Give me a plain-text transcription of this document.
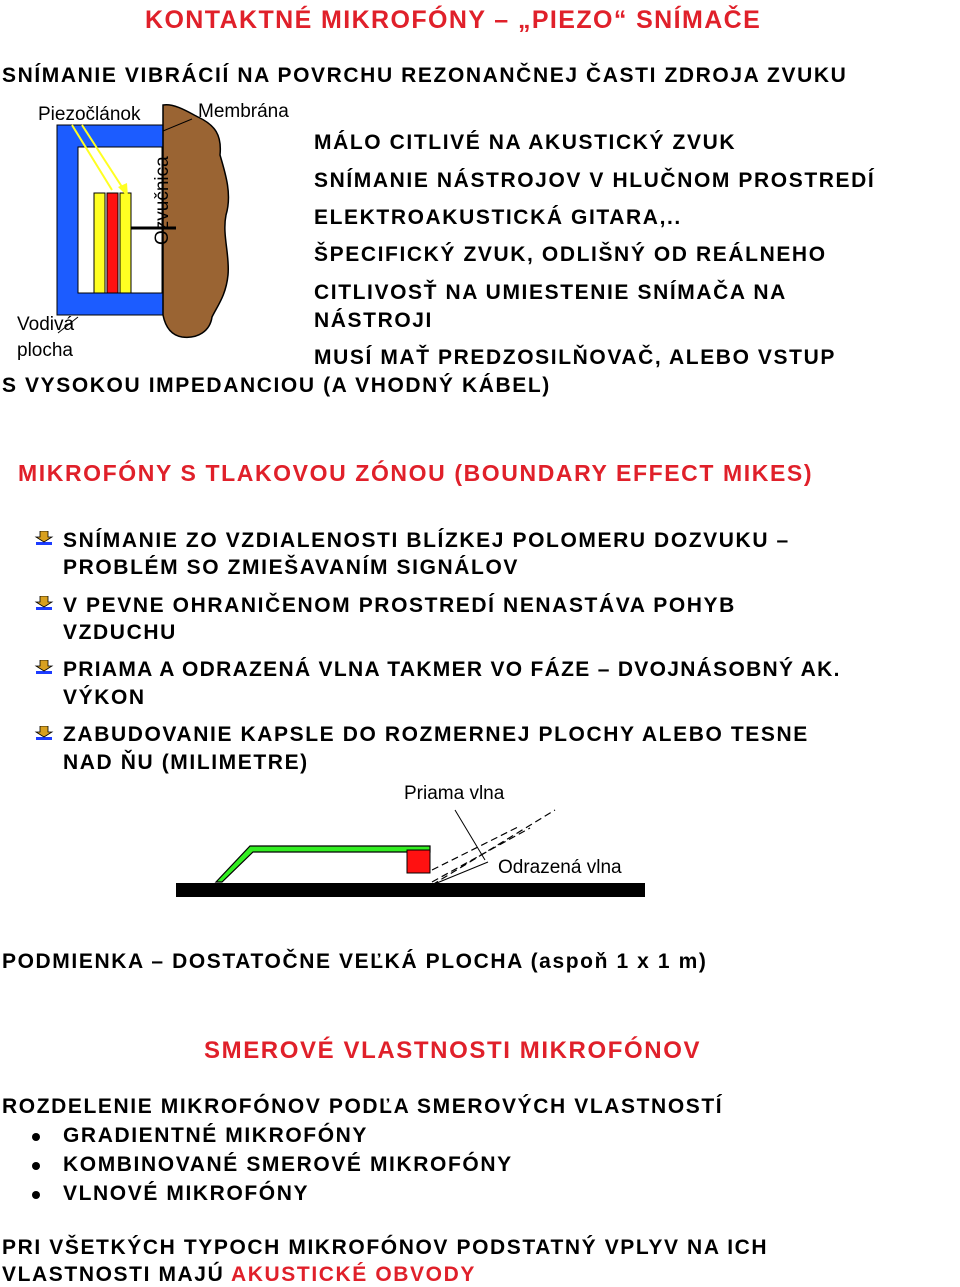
KONTAKTNÉ MIKROFÓNY – „PIEZO“ SNÍMAČE
SNÍMANIE VIBRÁCIÍ NA POVRCHU REZONANČNEJ ČASTI ZDROJA ZVUKU
Piezočlánok	Membrána
Ozvučnica
Vodivá
plocha
MÁLO CITLIVÉ NA AKUSTICKÝ ZVUK
SNÍMANIE NÁSTROJOV V HLUČNOM PROSTREDÍ
ELEKTROAKUSTICKÁ GITARA,..
ŠPECIFICKÝ ZVUK, ODLIŠNÝ OD REÁLNEHO
CITLIVOSŤ NA UMIESTENIE SNÍMAČA NA
NÁSTROJI
MUSÍ MAŤ PREDZOSILŇOVAČ, ALEBO VSTUP
S VYSOKOU IMPEDANCIOU (A VHODNÝ KÁBEL)
MIKROFÓNY S TLAKOVOU ZÓNOU (BOUNDARY EFFECT MIKES)
SNÍMANIE ZO VZDIALENOSTI BLÍZKEJ POLOMERU DOZVUKU –
PROBLÉM SO ZMIEŠAVANÍM SIGNÁLOV
V PEVNE OHRANIČENOM PROSTREDÍ NENASTÁVA POHYB
VZDUCHU
PRIAMA A ODRAZENÁ VLNA TAKMER VO FÁZE – DVOJNÁSOBNÝ AK.
VÝKON
ZABUDOVANIE KAPSLE DO ROZMERNEJ PLOCHY ALEBO TESNE
NAD ŇU (MILIMETRE)
Priama vlna
Odrazená vlna
PODMIENKA – DOSTATOČNE VEĽKÁ PLOCHA (aspoň 1 x 1 m)
SMEROVÉ VLASTNOSTI MIKROFÓNOV
ROZDELENIE MIKROFÓNOV PODĽA SMEROVÝCH VLASTNOSTÍ
GRADIENTNÉ MIKROFÓNY
KOMBINOVANÉ SMEROVÉ MIKROFÓNY
VLNOVÉ MIKROFÓNY
PRI VŠETKÝCH TYPOCH MIKROFÓNOV PODSTATNÝ VPLYV NA ICH
VLASTNOSTI MAJÚ AKUSTICKÉ OBVODY
